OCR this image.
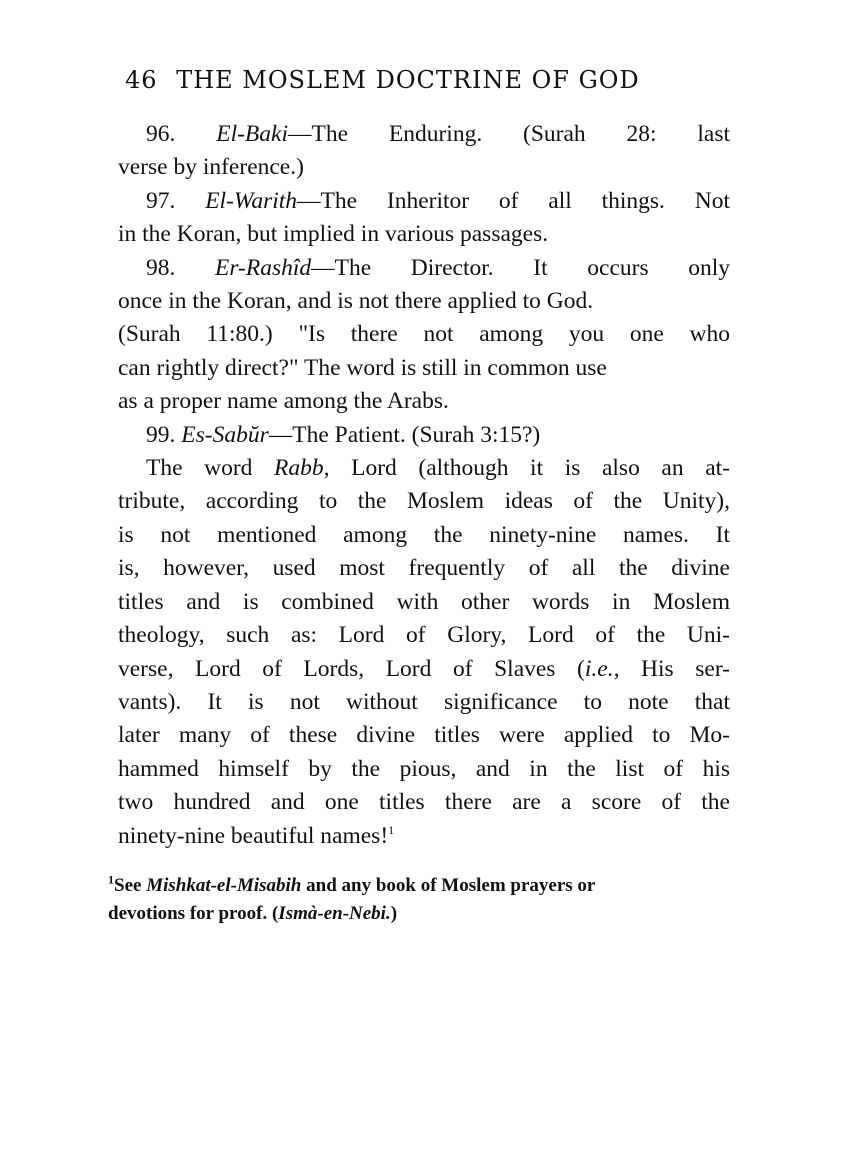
46 THE MOSLEM DOCTRINE OF GOD
96. El-Baki—The Enduring. (Surah 28: last
verse by inference.)
97. El-Warith—The Inheritor of all things. Not
in the Koran, but implied in various passages.
98. Er-Rashîd—The Director. It occurs only
once in the Koran, and is not there applied to God.
(Surah 11:80.) "Is there not among you one who
can rightly direct?" The word is still in common use
as a proper name among the Arabs.
99. Es-Sabŭr—The Patient. (Surah 3:15?)
The word Rabb, Lord (although it is also an at-
tribute, according to the Moslem ideas of the Unity),
is not mentioned among the ninety-nine names. It
is, however, used most frequently of all the divine
titles and is combined with other words in Moslem
theology, such as: Lord of Glory, Lord of the Uni-
verse, Lord of Lords, Lord of Slaves (i.e., His ser-
vants). It is not without significance to note that
later many of these divine titles were applied to Mo-
hammed himself by the pious, and in the list of his
two hundred and one titles there are a score of the
ninety-nine beautiful names!$^1$
$^1$See Mishkat-el-Misabih and any book of Moslem prayers or
devotions for proof. (Ismà-en-Nebi.)
